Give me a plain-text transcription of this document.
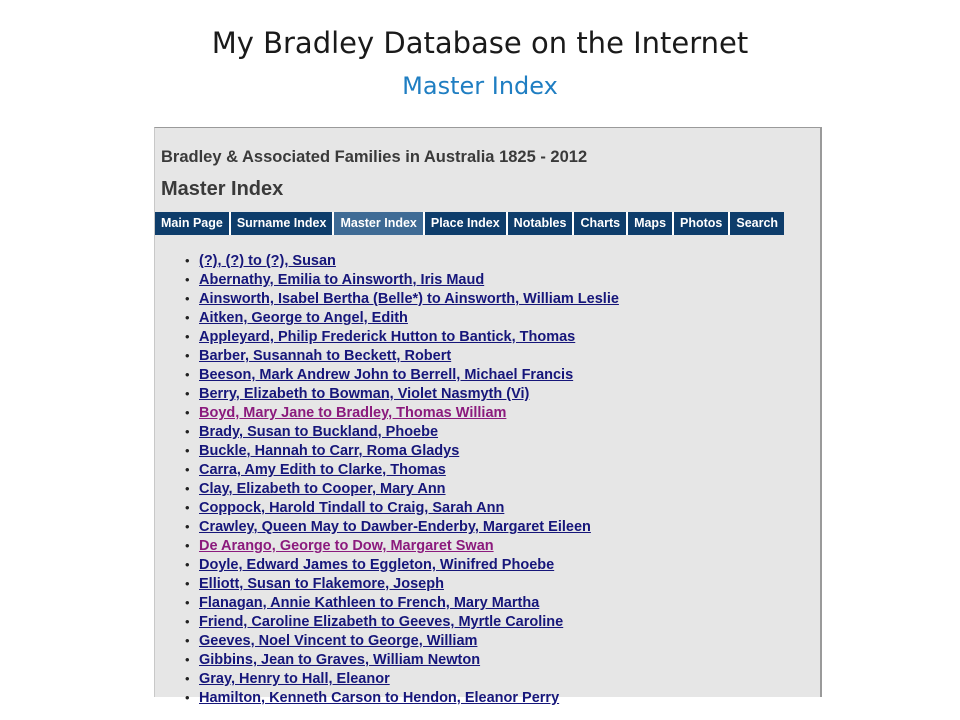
My Bradley Database on the Internet
Master Index
Bradley & Associated Families in Australia 1825 - 2012
Master Index
Main Page	Surname Index	Master Index	Place Index	Notables	Charts	Maps	Photos	Search
• (?), (?) to (?), Susan
• Abernathy, Emilia to Ainsworth, Iris Maud
• Ainsworth, Isabel Bertha (Belle*) to Ainsworth, William Leslie
• Aitken, George to Angel, Edith
• Appleyard, Philip Frederick Hutton to Bantick, Thomas
• Barber, Susannah to Beckett, Robert
• Beeson, Mark Andrew John to Berrell, Michael Francis
• Berry, Elizabeth to Bowman, Violet Nasmyth (Vi)
• Boyd, Mary Jane to Bradley, Thomas William
• Brady, Susan to Buckland, Phoebe
• Buckle, Hannah to Carr, Roma Gladys
• Carra, Amy Edith to Clarke, Thomas
• Clay, Elizabeth to Cooper, Mary Ann
• Coppock, Harold Tindall to Craig, Sarah Ann
• Crawley, Queen May to Dawber-Enderby, Margaret Eileen
• De Arango, George to Dow, Margaret Swan
• Doyle, Edward James to Eggleton, Winifred Phoebe
• Elliott, Susan to Flakemore, Joseph
• Flanagan, Annie Kathleen to French, Mary Martha
• Friend, Caroline Elizabeth to Geeves, Myrtle Caroline
• Geeves, Noel Vincent to George, William
• Gibbins, Jean to Graves, William Newton
• Gray, Henry to Hall, Eleanor
• Hamilton, Kenneth Carson to Hendon, Eleanor Perry
